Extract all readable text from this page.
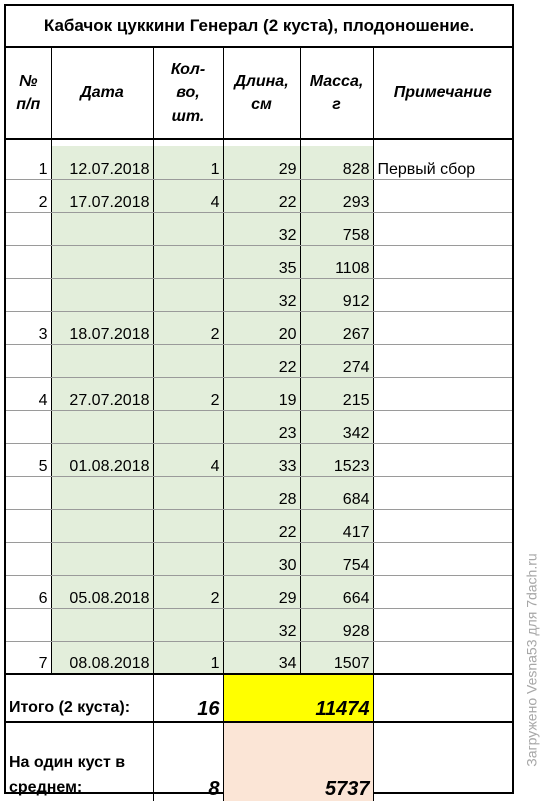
Кабачок цуккини Генерал (2 куста), плодоношение.
№
п/п	Дата	Кол-
во,
шт.	Длина,
см	Масса,
г	Примечание

1	12.07.2018	1	29	828	Первый сбор
2	17.07.2018	4	22	293	
			32	758	
			35	1108	
			32	912	
3	18.07.2018	2	20	267	
			22	274	
4	27.07.2018	2	19	215	
			23	342	
5	01.08.2018	4	33	1523	
			28	684	
			22	417	
			30	754	
6	05.08.2018	2	29	664	
			32	928	
7	08.08.2018	1	34	1507	
Итого (2 куста):		16	11474		
На один куст в
среднем:		8	5737		
Загружено Vesna53 для 7dach.ru
